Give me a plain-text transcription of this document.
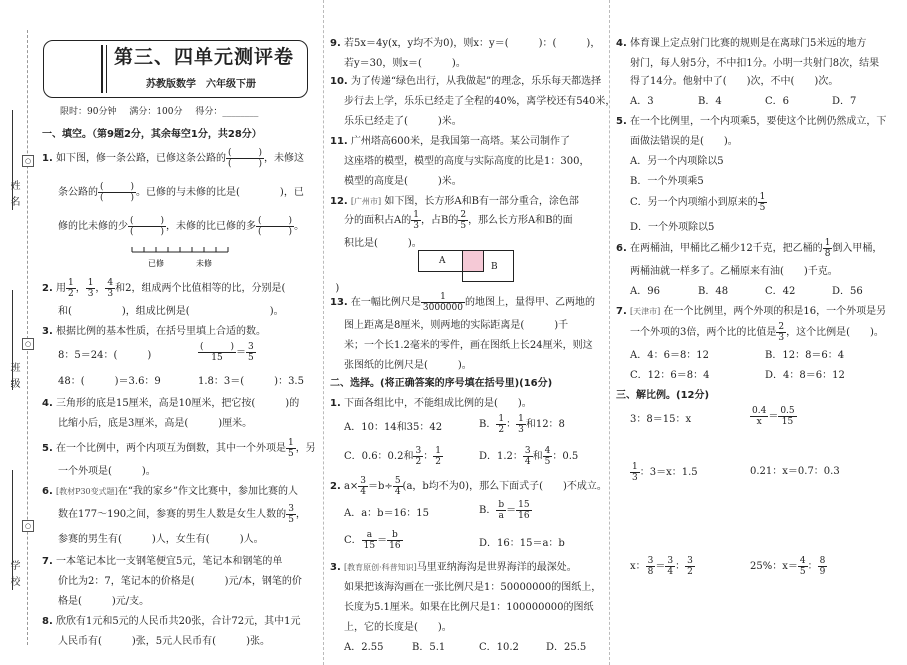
姓名
班级
学校
○
○
○
第三、四单元测评卷
苏教版数学　六年级下册
限时：90分钟 满分：100分 得分：________
一、填空。（第9题2分，其余每空1分，共28分）
1. 如下图，修一条公路，已修这条公路的 $\frac{( )}{( )}$ ，未修这
条公路的 $\frac{( )}{( )}$ 。已修的与未修的比是(　　　　)，已
修的比未修的少 $\frac{( )}{( )}$ ，未修的比已修的多 $\frac{( )}{( )}$ 。
已修	未修
2. 用 $\frac{1}{2}$ ， $\frac{1}{3}$ ， $\frac{4}{3}$ 和2，组成两个比值相等的比，分别是(　　　　　)
和(　　　　　)，组成比例是(　　　　　　　　)。
3. 根据比例的基本性质，在括号里填上合适的数。
8：5＝24：(　　　)	$\frac{( )}{15} = \frac{3}{5}$
48：(　　　)＝3.6：9	1.8：3＝(　　　)：3.5
4. 三角形的底是15厘米，高是10厘米，把它按(　　　)的
比缩小后，底是3厘米，高是(　　　)厘米。
5. 在一个比例中，两个内项互为倒数，其中一个外项是 $\frac{1}{5}$ ，另
一个外项是(　　　)。
6. [教材P30变式题]在“我的家乡”作文比赛中，参加比赛的人
数在177～190之间，参赛的男生人数是女生人数的 $\frac{3}{5}$ ，
参赛的男生有(　　　)人，女生有(　　　)人。
7. 一本笔记本比一支钢笔便宜5元，笔记本和钢笔的单
价比为2：7，笔记本的价格是(　　　)元/本，钢笔的价
格是(　　　)元/支。
8. 欣欣有1元和5元的人民币共20张，合计72元，其中1元
人民币有(　　　)张，5元人民币有(　　　)张。
9. 若5x＝4y(x，y均不为0)，则x：y＝(　　　)：(　　　)，
若y＝30，则x＝(　　　)。
10. 为了传递“绿色出行，从我做起”的理念，乐乐每天都选择
步行去上学，乐乐已经走了全程的40%，离学校还有540米，
乐乐已经走了(　　　)米。
11. 广州塔高600米，是我国第一高塔。某公司制作了
这座塔的模型，模型的高度与实际高度的比是1：300，
模型的高度是(　　　)米。
12. [广州市] 如下图，长方形A和B有一部分重合，涂色部
分的面积占A的 $\frac{1}{3}$ ，占B的 $\frac{2}{5}$ ，那么长方形A和B的面
积比是(　　　)。
A
B
13. 在一幅比例尺是 $\frac{1}{3000000}$ 的地图上，量得甲、乙两地的
图上距离是8厘米，则两地的实际距离是(　　　)千
米；一个长1.2毫米的零件，画在图纸上长24厘米，则这
张图纸的比例尺是(　　　)。
二、选择。(将正确答案的序号填在括号里)(16分)
1. 下面各组比中，不能组成比例的是(　　)。
A．10：14和35：42	B． $\frac{1}{2}$ ： $\frac{1}{3}$ 和12：8
C．0.6：0.2和 $\frac{3}{2}$ ： $\frac{1}{2}$	D．1.2： $\frac{3}{4}$ 和 $\frac{4}{5}$ ：0.5
2. $a\times \frac{3}{4} =b\div \frac{5}{4} (a$，b均不为0)，那么下面式子(　　)不成立。
A．a：b＝16：15	B． $\frac{b}{a} = \frac{15}{16}$
C． $\frac{a}{15} = \frac{b}{16}$	D．16：15＝a：b
3. [教育原创·科普知识]马里亚纳海沟是世界海洋的最深处。
如果把该海沟画在一张比例尺是1：50000000的图纸上，
长度为5.1厘米。如果在比例尺是1：100000000的图纸
上，它的长度是(　　)。
A．2.55	B．5.1	C．10.2	D．25.5
4. 体育课上定点射门比赛的规则是在离球门5米远的地方
射门，每人射5分，不中扣1分。小明一共射门8次，结果
得了14分。他射中了(　　)次，不中(　　)次。
A．3	B．4	C．6	D．7
5. 在一个比例里，一个内项乘5，要使这个比例仍然成立，下
面做法错误的是(　　)。
A．另一个内项除以5
B．一个外项乘5
C．另一个内项缩小到原来的 $\frac{1}{5}$
D．一个外项除以5
6. 在两桶油，甲桶比乙桶少12千克，把乙桶的 $\frac{1}{8}$ 倒入甲桶，
两桶油就一样多了。乙桶原来有油(　　)千克。
A．96	B．48	C．42	D．56
7. [天津市] 在一个比例里，两个外项的积是16，一个外项是另
一个外项的3倍，两个比的比值是 $\frac{2}{3}$ ，这个比例是(　　)。
A．4：6＝8：12	B．12：8＝6：4
C．12：6＝8：4	D．4：8＝6：12
三、解比例。(12分)
3：8＝15：x	$\frac{0.4}{x} = \frac{0.5}{15}$
$\frac{1}{3}$ ：3＝x：1.5	0.21：x＝0.7：0.3
x： $\frac{3}{8} = \frac{3}{4}$ ： $\frac{3}{2}$	25%：$x= \frac{4}{5}$ ： $\frac{8}{9}$
